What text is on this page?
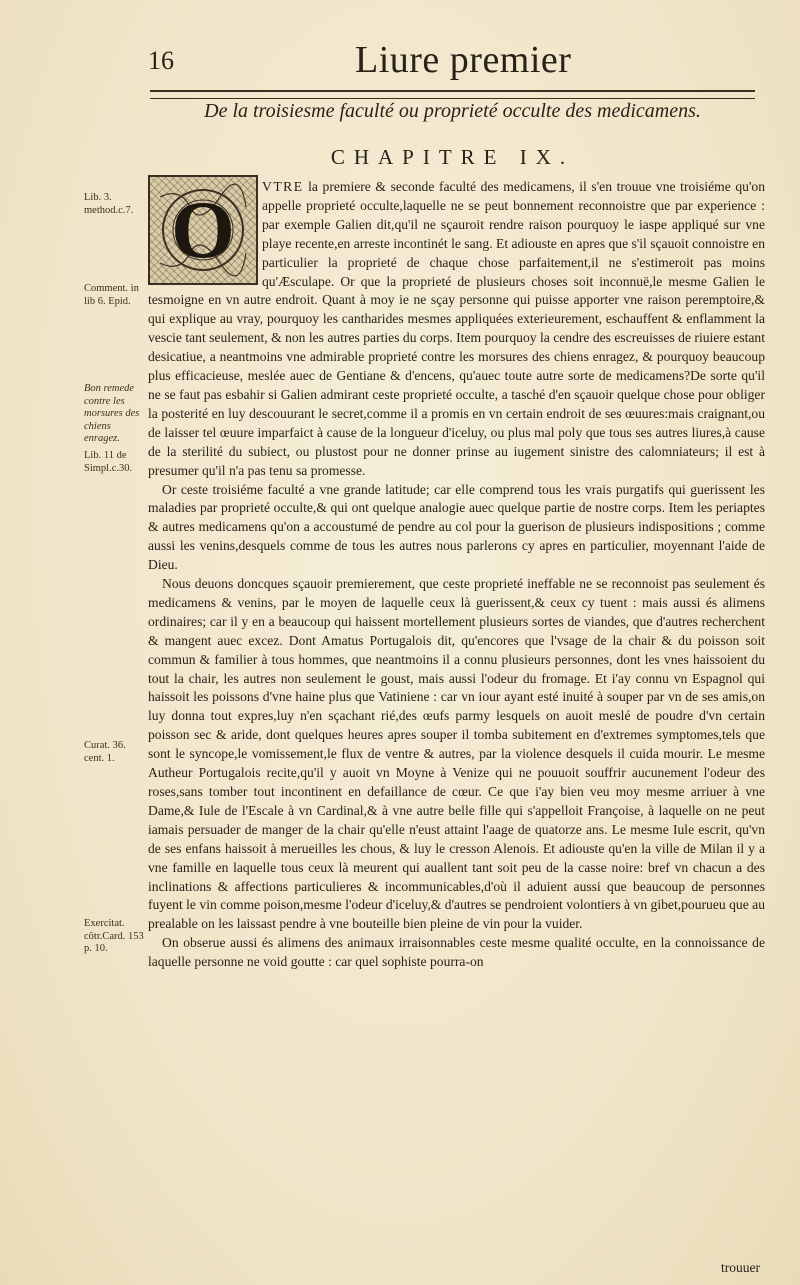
16	Liure premier
De la troisiesme faculté ou proprieté occulte des medicamens.
CHAPITRE IX.
O
Lib. 3. method.c.7.
Comment. in lib 6. Epid.
Bon remede contre les morsures des chiens enragez.
Lib. 11 de Simpl.c.30.
Curat. 36. cent. 1.
Exercitat. côtr.Card. 153 p. 10.

VTRE la premiere & seconde faculté des medicamens, il s'en trouue vne troisiéme qu'on appelle proprieté occulte,laquelle ne se peut bonnement reconnoistre que par experience : par exemple Galien dit,qu'il ne sçauroit rendre raison pourquoy le iaspe appliqué sur vne playe recente,en arreste incontinét le sang. Et adiouste en apres que s'il sçauoit connoistre en particulier la proprieté de chaque chose parfaitement,il ne s'estimeroit pas moins qu'Æsculape. Or que la proprieté de plusieurs choses soit inconnuë,le mesme Galien le tesmoigne en vn autre endroit. Quant à moy ie ne sçay personne qui puisse apporter vne raison peremptoire,& qui explique au vray, pourquoy les cantharides mesmes appliquées exterieurement, eschauffent & enflamment la vescie tant seulement, & non les autres parties du corps. Item pourquoy la cendre des escreuisses de riuiere estant desicatiue, a neantmoins vne admirable proprieté contre les morsures des chiens enragez, & pourquoy beaucoup plus efficacieuse, meslée auec de Gentiane & d'encens, qu'auec toute autre sorte de medicamens?De sorte qu'il ne se faut pas esbahir si Galien admirant ceste proprieté occulte, a tasché d'en sçauoir quelque chose pour obliger la posterité en luy descouurant le secret,comme il a promis en vn certain endroit de ses œuures:mais craignant,ou de laisser tel œuure imparfaict à cause de la longueur d'iceluy, ou plus mal poly que tous ses autres liures,à cause de la sterilité du subiect, ou plustost pour ne donner prinse au iugement sinistre des calomniateurs; il est à presumer qu'il n'a pas tenu sa promesse.

Or ceste troisiéme faculté a vne grande latitude; car elle comprend tous les vrais purgatifs qui guerissent les maladies par proprieté occulte,& qui ont quelque analogie auec quelque partie de nostre corps. Item les periaptes & autres medicamens qu'on a accoustumé de pendre au col pour la guerison de plusieurs indispositions ; comme aussi les venins,desquels comme de tous les autres nous parlerons cy apres en particulier, moyennant l'aide de Dieu.

Nous deuons doncques sçauoir premierement, que ceste proprieté ineffable ne se reconnoist pas seulement és medicamens & venins, par le moyen de laquelle ceux là guerissent,& ceux cy tuent : mais aussi és alimens ordinaires; car il y en a beaucoup qui haissent mortellement plusieurs sortes de viandes, que d'autres recherchent & mangent auec excez. Dont Amatus Portugalois dit, qu'encores que l'vsage de la chair & du poisson soit commun & familier à tous hommes, que neantmoins il a connu plusieurs personnes, dont les vnes haissoient du tout la chair, les autres non seulement le goust, mais aussi l'odeur du fromage. Et i'ay connu vn Espagnol qui haissoit les poissons d'vne haine plus que Vatiniene : car vn iour ayant esté inuité à souper par vn de ses amis,on luy donna tout expres,luy n'en sçachant rié,des œufs parmy lesquels on auoit meslé de poudre d'vn certain poisson sec & aride, dont quelques heures apres souper il tomba subitement en d'extremes symptomes,tels que sont le syncope,le vomissement,le flux de ventre & autres, par la violence desquels il cuida mourir. Le mesme Autheur Portugalois recite,qu'il y auoit vn Moyne à Venize qui ne pouuoit souffrir aucunement l'odeur des roses,sans tomber tout incontinent en defaillance de cœur. Ce que i'ay bien veu moy mesme arriuer à vne Dame,& Iule de l'Escale à vn Cardinal,& à vne autre belle fille qui s'appelloit Françoise, à laquelle on ne peut iamais persuader de manger de la chair qu'elle n'eust attaint l'aage de quatorze ans. Le mesme Iule escrit, qu'vn de ses enfans haissoit à merueilles les chous, & luy le cresson Alenois. Et adiouste qu'en la ville de Milan il y a vne famille en laquelle tous ceux là meurent qui auallent tant soit peu de la casse noire: bref vn chacun a des inclinations & affections particulieres & incommunicables,d'où il aduient aussi que beaucoup de personnes fuyent le vin comme poison,mesme l'odeur d'iceluy,& d'autres se pendroient volontiers à vn gibet,pourueu que au prealable on les laissast pendre à vne bouteille bien pleine de vin pour la vuider.

On obserue aussi és alimens des animaux irraisonnables ceste mesme qualité occulte, en la connoissance de laquelle personne ne void goutte : car quel sophiste pourra-on

trouuer
